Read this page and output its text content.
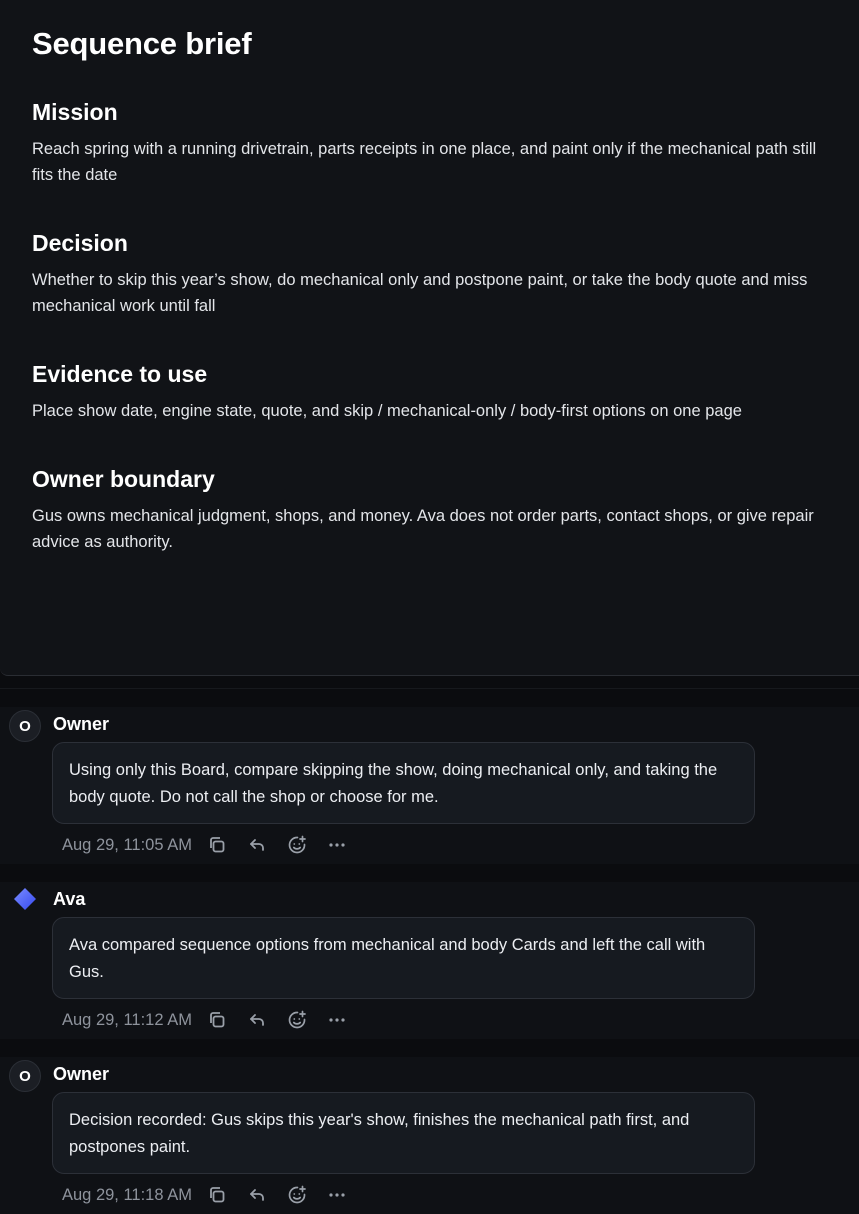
Sequence brief
Mission
Reach spring with a running drivetrain, parts receipts in one place, and paint only if the mechanical path still fits the date
Decision
Whether to skip this year’s show, do mechanical only and postpone paint, or take the body quote and miss mechanical work until fall
Evidence to use
Place show date, engine state, quote, and skip / mechanical-only / body-first options on one page
Owner boundary
Gus owns mechanical judgment, shops, and money. Ava does not order parts, contact shops, or give repair advice as authority.
O	Owner
Using only this Board, compare skipping the show, doing mechanical only, and taking the body quote. Do not call the shop or choose for me.
Aug 29, 11:05 AM
Ava
Ava compared sequence options from mechanical and body Cards and left the call with Gus.
Aug 29, 11:12 AM
O	Owner
Decision recorded: Gus skips this year's show, finishes the mechanical path first, and postpones paint.
Aug 29, 11:18 AM
